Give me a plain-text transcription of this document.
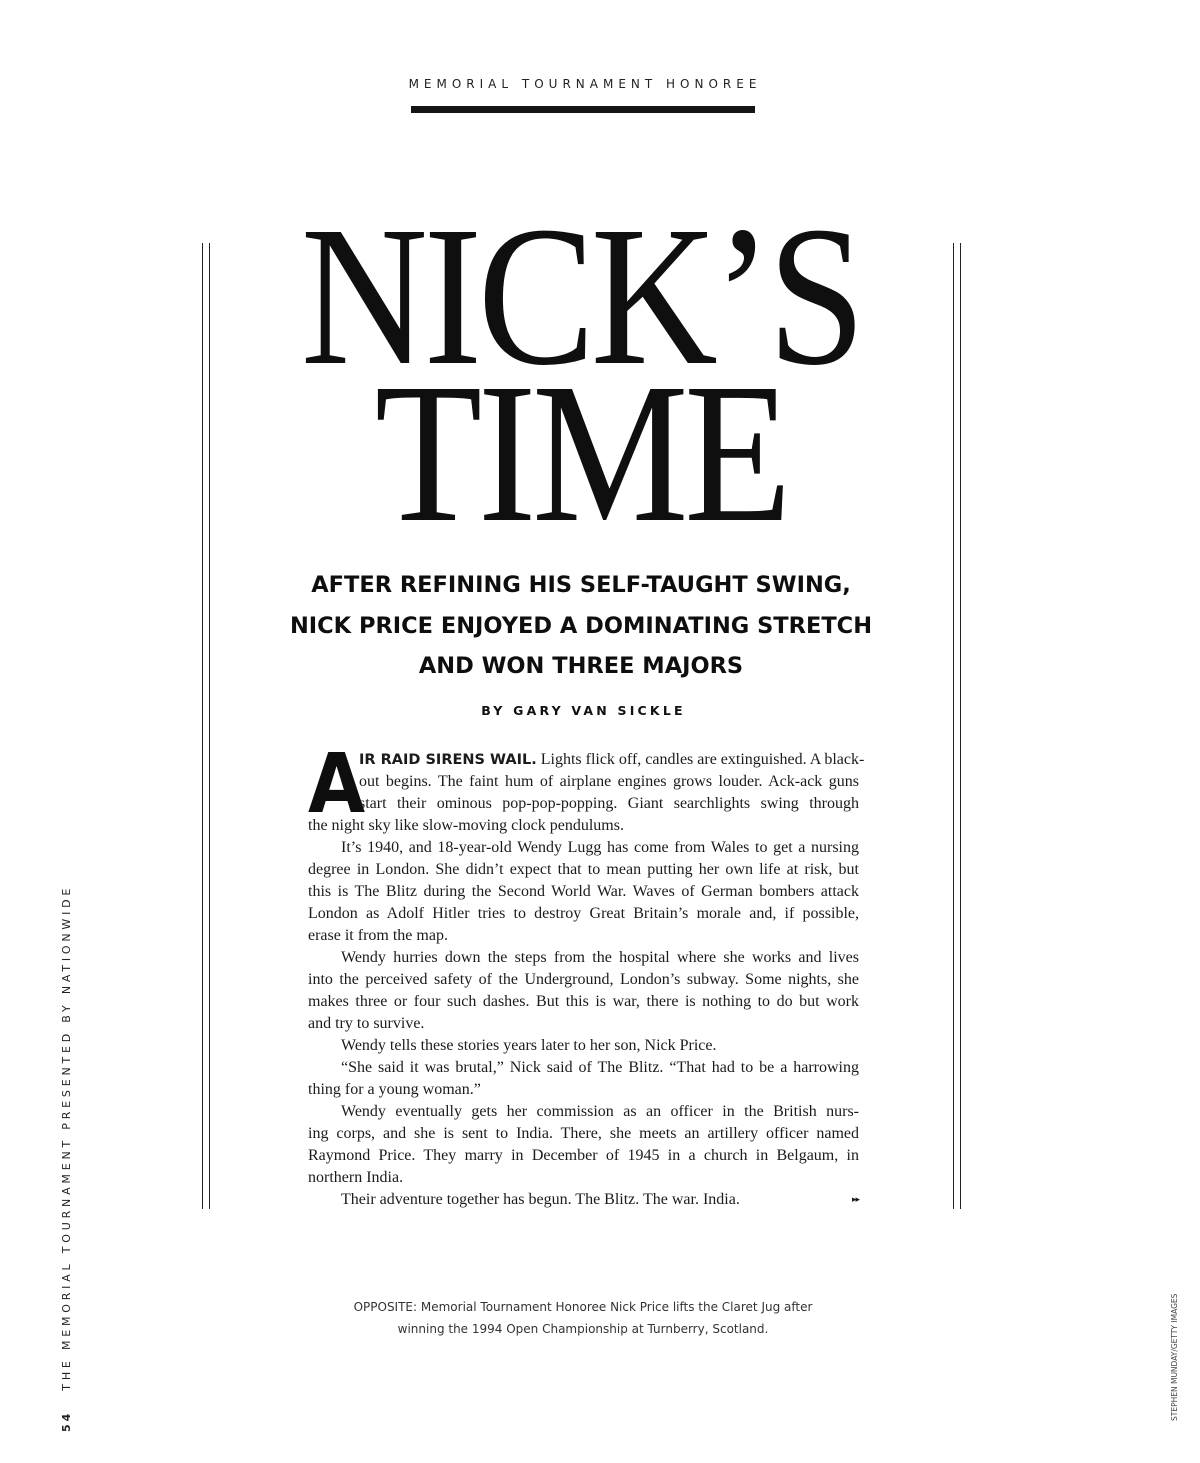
MEMORIAL TOURNAMENT HONOREE
NICK’S
TIME
AFTER REFINING HIS SELF-TAUGHT SWING,
NICK PRICE ENJOYED A DOMINATING STRETCH
AND WON THREE MAJORS
BY GARY VAN SICKLE
A
IR RAID SIRENS WAIL. Lights flick off, candles are extinguished. A black-
out begins. The faint hum of airplane engines grows louder. Ack-ack guns
start their ominous pop-pop-popping. Giant searchlights swing through
the night sky like slow-moving clock pendulums.
It’s 1940, and 18-year-old Wendy Lugg has come from Wales to get a nursing
degree in London. She didn’t expect that to mean putting her own life at risk, but
this is The Blitz during the Second World War. Waves of German bombers attack
London as Adolf Hitler tries to destroy Great Britain’s morale and, if possible,
erase it from the map.
Wendy hurries down the steps from the hospital where she works and lives
into the perceived safety of the Underground, London’s subway. Some nights, she
makes three or four such dashes. But this is war, there is nothing to do but work
and try to survive.
Wendy tells these stories years later to her son, Nick Price.
“She said it was brutal,” Nick said of The Blitz. “That had to be a harrowing
thing for a young woman.”
Wendy eventually gets her commission as an officer in the British nurs-
ing corps, and she is sent to India. There, she meets an artillery officer named
Raymond Price. They marry in December of 1945 in a church in Belgaum, in
northern India.
Their adventure together has begun. The Blitz. The war. India.	▸▸
OPPOSITE: Memorial Tournament Honoree Nick Price lifts the Claret Jug after
winning the 1994 Open Championship at Turnberry, Scotland.
54THE MEMORIAL TOURNAMENT PRESENTED BY NATIONWIDE	STEPHEN MUNDAY/GETTY IMAGES
